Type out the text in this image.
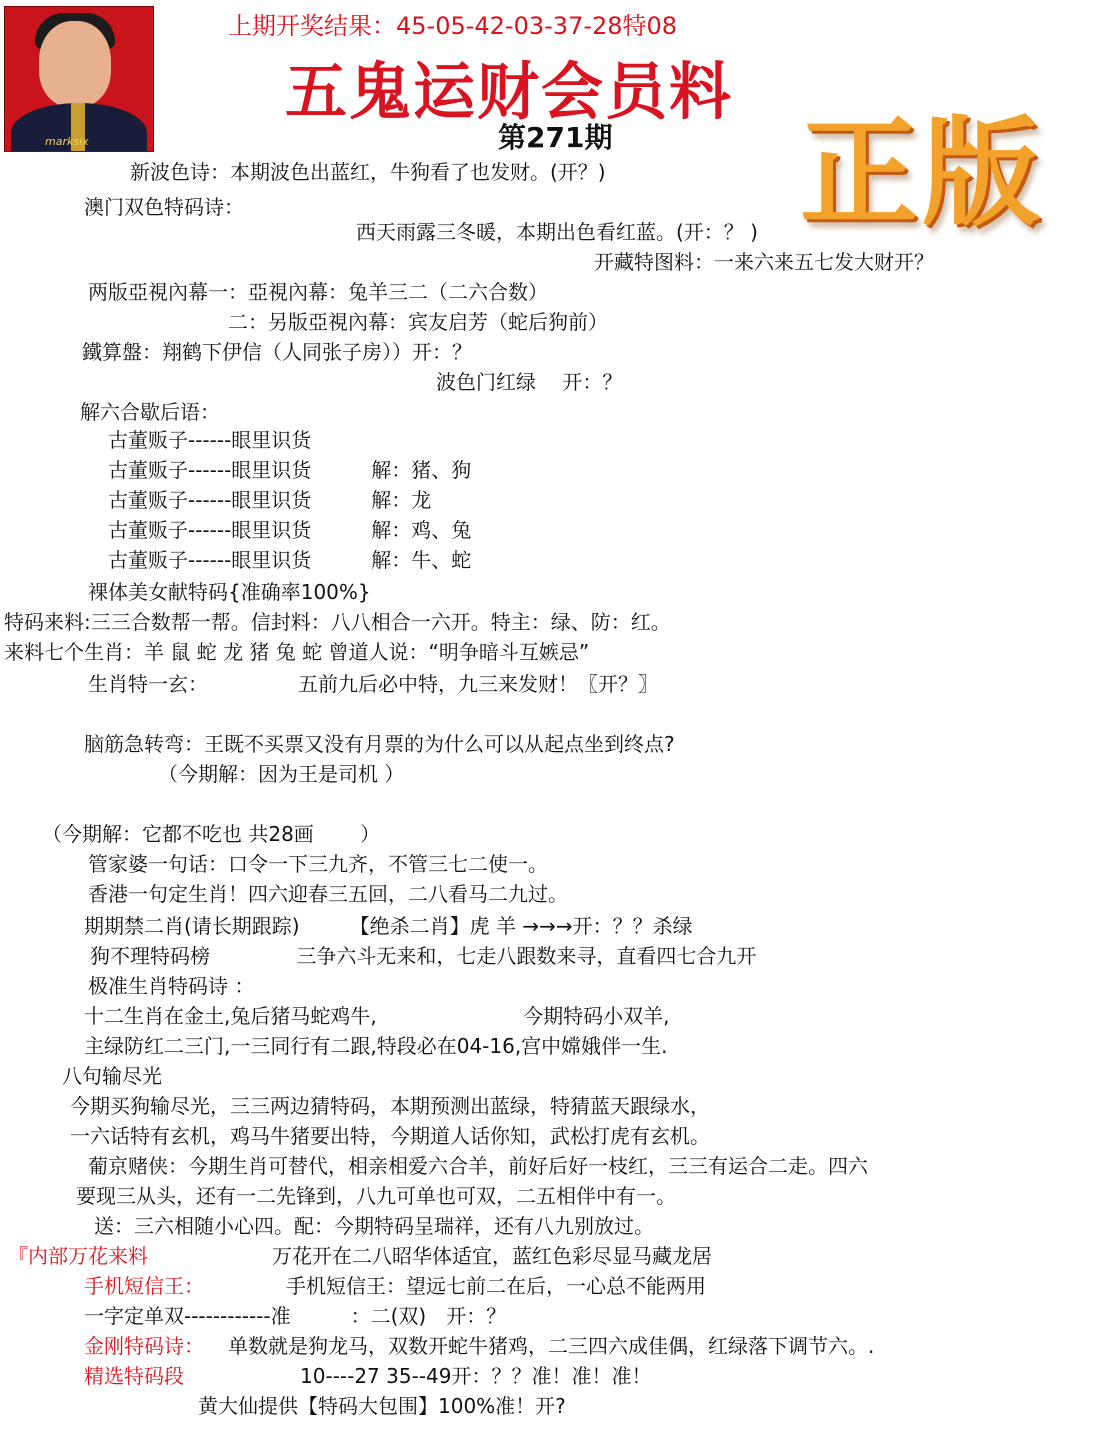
marksix
上期开奖结果：45-05-42-03-37-28特08
五鬼运财会员料
第271期 正版
新波色诗：本期波色出蓝红，牛狗看了也发财。(开？)
澳门双色特码诗：
西天雨露三冬暖，本期出色看红蓝。(开：？ )
开藏特图料：一来六来五七发大财开？
两版亞視內幕一：亞視內幕：兔羊三二（二六合数）
二：另版亞視內幕：宾友启芳（蛇后狗前）
鐵算盤：翔鹤下伊信（人同张子房））开：？
波色门红绿　 开：？
解六合歇后语：
古董贩子------眼里识货
古董贩子------眼里识货　　　解：猪、狗
古董贩子------眼里识货　　　解：龙
古董贩子------眼里识货　　　解：鸡、兔
古董贩子------眼里识货　　　解：牛、蛇
裸体美女献特码{准确率100%}
特码来料:三三合数帮一帮。信封料：八八相合一六开。特主：绿、防：红。
来料七个生肖：羊 鼠 蛇 龙 猪 兔 蛇 曾道人说：“明争暗斗互嫉忌”
生肖特一玄：　　　　　五前九后必中特，九三来发财！〖开？〗
脑筋急转弯：王既不买票又没有月票的为什么可以从起点坐到终点?
（今期解：因为王是司机 ）
（今期解：它都不吃也 共28画　　 ）
管家婆一句话：口令一下三九齐，不管三七二使一。
香港一句定生肖！四六迎春三五回，二八看马二九过。
期期禁二肖(请长期跟踪)　　　【绝杀二肖】虎 羊 →→→开：？？杀绿
狗不理特码榜　　　　 三争六斗无来和，七走八跟数来寻，直看四七合九开
极准生肖特码诗 ：
十二生肖在金土,兔后猪马蛇鸡牛,　　　　　　　 今期特码小双羊,
主绿防红二三门,一三同行有二跟,特段必在04-16,宫中嫦娥伴一生.
八句输尽光
今期买狗输尽光，三三两边猜特码，本期预测出蓝绿，特猜蓝天跟绿水，
一六话特有玄机，鸡马牛猪要出特，今期道人话你知，武松打虎有玄机。
葡京赌侠：今期生肖可替代，相亲相爱六合羊，前好后好一枝红，三三有运合二走。四六
要现三从头，还有一二先锋到，八九可单也可双，二五相伴中有一。
送：三六相随小心四。配：今期特码呈瑞祥，还有八九别放过。
『内部万花来料	万花开在二八昭华体适宜，蓝红色彩尽显马藏龙居
手机短信王：	手机短信王：望远七前二在后，一心总不能两用
一字定单双------------准　　　：二(双)　开：？
金刚特码诗： 单数就是狗龙马，双数开蛇牛猪鸡，二三四六成佳偶，红绿落下调节六。.
精选特码段	10----27 35--49开：？？准！准！准！
黄大仙提供【特码大包围】100%准！开?
